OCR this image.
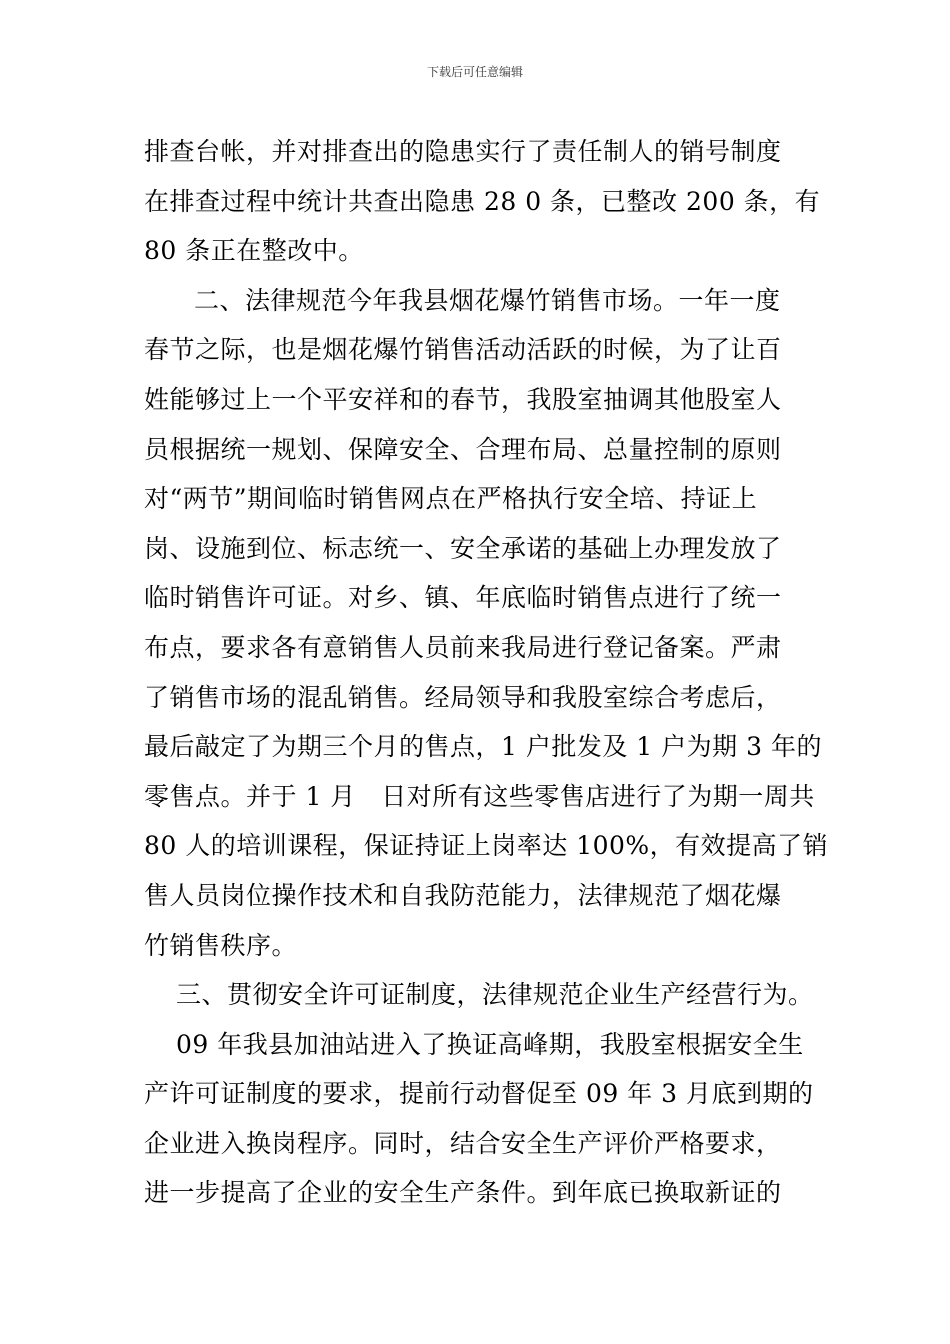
下载后可任意编辑
排查台帐，并对排查出的隐患实行了责任制人的销号制度
在排查过程中统计共查出隐患 28 0 条，已整改 200 条，有
80 条正在整改中。
二、法律规范今年我县烟花爆竹销售市场。一年一度
春节之际，也是烟花爆竹销售活动活跃的时候，为了让百
姓能够过上一个平安祥和的春节，我股室抽调其他股室人
员根据统一规划、保障安全、合理布局、总量控制的原则
对“两节”期间临时销售网点在严格执行安全培、持证上
岗、设施到位、标志统一、安全承诺的基础上办理发放了
临时销售许可证。对乡、镇、年底临时销售点进行了统一
布点，要求各有意销售人员前来我局进行登记备案。严肃
了销售市场的混乱销售。经局领导和我股室综合考虑后，
最后敲定了为期三个月的售点，1 户批发及 1 户为期 3 年的
零售点。并于 1 月　日对所有这些零售店进行了为期一周共
80 人的培训课程，保证持证上岗率达 100%，有效提高了销
售人员岗位操作技术和自我防范能力，法律规范了烟花爆
竹销售秩序。
三、贯彻安全许可证制度，法律规范企业生产经营行为。
09 年我县加油站进入了换证高峰期，我股室根据安全生
产许可证制度的要求，提前行动督促至 09 年 3 月底到期的
企业进入换岗程序。同时，结合安全生产评价严格要求，
进一步提高了企业的安全生产条件。到年底已换取新证的
